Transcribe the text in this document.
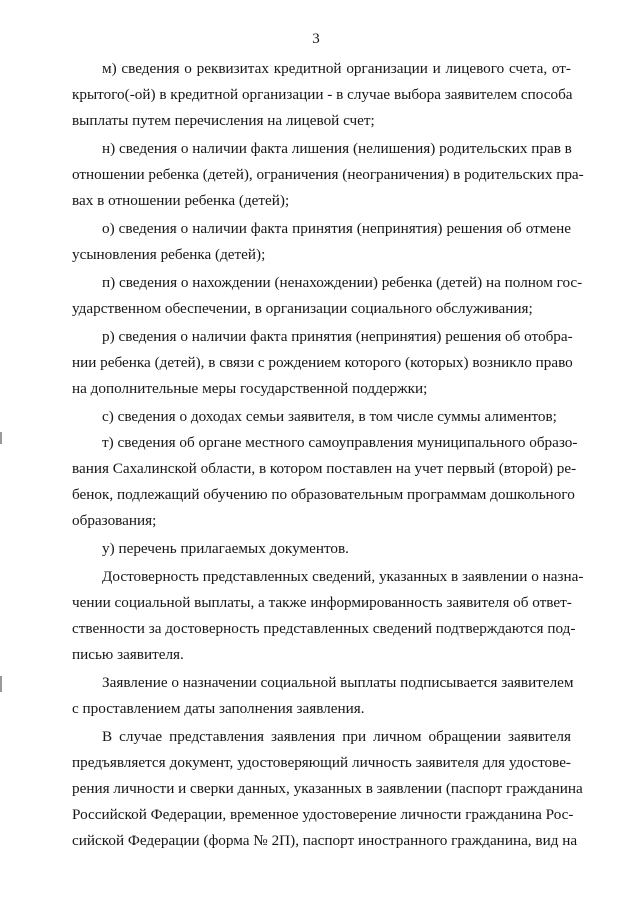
3
м) сведения о реквизитах кредитной организации и лицевого счета, от-
крытого(-ой) в кредитной организации - в случае выбора заявителем способа
выплаты путем перечисления на лицевой счет;
н) сведения о наличии факта лишения (нелишения) родительских прав в
отношении ребенка (детей), ограничения (неограничения) в родительских пра-
вах в отношении ребенка (детей);
о) сведения о наличии факта принятия (непринятия) решения об отмене
усыновления ребенка (детей);
п) сведения о нахождении (ненахождении) ребенка (детей) на полном гос-
ударственном обеспечении, в организации социального обслуживания;
р) сведения о наличии факта принятия (непринятия) решения об отобра-
нии ребенка (детей), в связи с рождением которого (которых) возникло право
на дополнительные меры государственной поддержки;
с) сведения о доходах семьи заявителя, в том числе суммы алиментов;
т) сведения об органе местного самоуправления муниципального образо-
вания Сахалинской области, в котором поставлен на учет первый (второй) ре-
бенок, подлежащий обучению по образовательным программам дошкольного
образования;
у) перечень прилагаемых документов.
Достоверность представленных сведений, указанных в заявлении о назна-
чении социальной выплаты, а также информированность заявителя об ответ-
ственности за достоверность представленных сведений подтверждаются под-
писью заявителя.
Заявление о назначении социальной выплаты подписывается заявителем
с проставлением даты заполнения заявления.
В случае представления заявления при личном обращении заявителя
предъявляется документ, удостоверяющий личность заявителя для удостове-
рения личности и сверки данных, указанных в заявлении (паспорт гражданина
Российской Федерации, временное удостоверение личности гражданина Рос-
сийской Федерации (форма № 2П), паспорт иностранного гражданина, вид на
